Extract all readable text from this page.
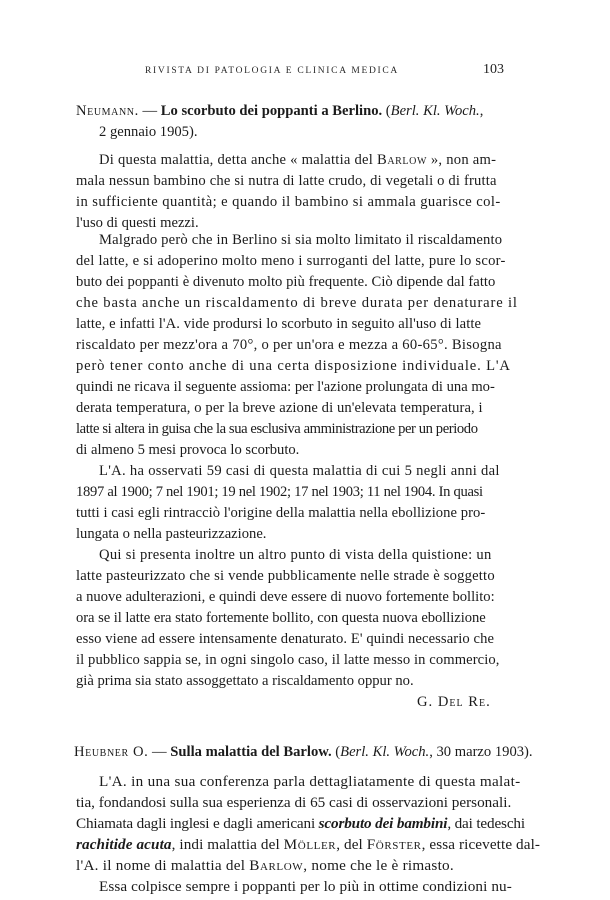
RIVISTA DI PATOLOGIA E CLINICA MEDICA	103
Neumann. — Lo scorbuto dei poppanti a Berlino. (Berl. Kl. Woch.,
2 gennaio 1905).
Di questa malattia, detta anche « malattia del Barlow », non am-
mala nessun bambino che si nutra di latte crudo, di vegetali o di frutta
in sufficiente quantità; e quando il bambino si ammala guarisce col-
l'uso di questi mezzi.
Malgrado però che in Berlino si sia molto limitato il riscaldamento
del latte, e si adoperino molto meno i surroganti del latte, pure lo scor-
buto dei poppanti è divenuto molto più frequente. Ciò dipende dal fatto
che basta anche un riscaldamento di breve durata per denaturare il
latte, e infatti l'A. vide prodursi lo scorbuto in seguito all'uso di latte
riscaldato per mezz'ora a 70°, o per un'ora e mezza a 60-65°. Bisogna
però tener conto anche di una certa disposizione individuale. L'A
quindi ne ricava il seguente assioma: per l'azione prolungata di una mo-
derata temperatura, o per la breve azione di un'elevata temperatura, i
latte si altera in guisa che la sua esclusiva amministrazione per un periodo
di almeno 5 mesi provoca lo scorbuto.
L'A. ha osservati 59 casi di questa malattia di cui 5 negli anni dal
1897 al 1900; 7 nel 1901; 19 nel 1902; 17 nel 1903; 11 nel 1904. In quasi
tutti i casi egli rintracciò l'origine della malattia nella ebollizione pro-
lungata o nella pasteurizzazione.
Qui si presenta inoltre un altro punto di vista della quistione: un
latte pasteurizzato che si vende pubblicamente nelle strade è soggetto
a nuove adulterazioni, e quindi deve essere di nuovo fortemente bollito:
ora se il latte era stato fortemente bollito, con questa nuova ebollizione
esso viene ad essere intensamente denaturato. E' quindi necessario che
il pubblico sappia se, in ogni singolo caso, il latte messo in commercio,
già prima sia stato assoggettato a riscaldamento oppur no.
G. Del Re.
Heubner O. — Sulla malattia del Barlow. (Berl. Kl. Woch., 30 marzo 1903).
L'A. in una sua conferenza parla dettagliatamente di questa malat-
tia, fondandosi sulla sua esperienza di 65 casi di osservazioni personali.
Chiamata dagli inglesi e dagli americani scorbuto dei bambini, dai tedeschi
rachitide acuta, indi malattia del Möller, del Förster, essa ricevette dal-
l'A. il nome di malattia del Barlow, nome che le è rimasto.
Essa colpisce sempre i poppanti per lo più in ottime condizioni nu-
